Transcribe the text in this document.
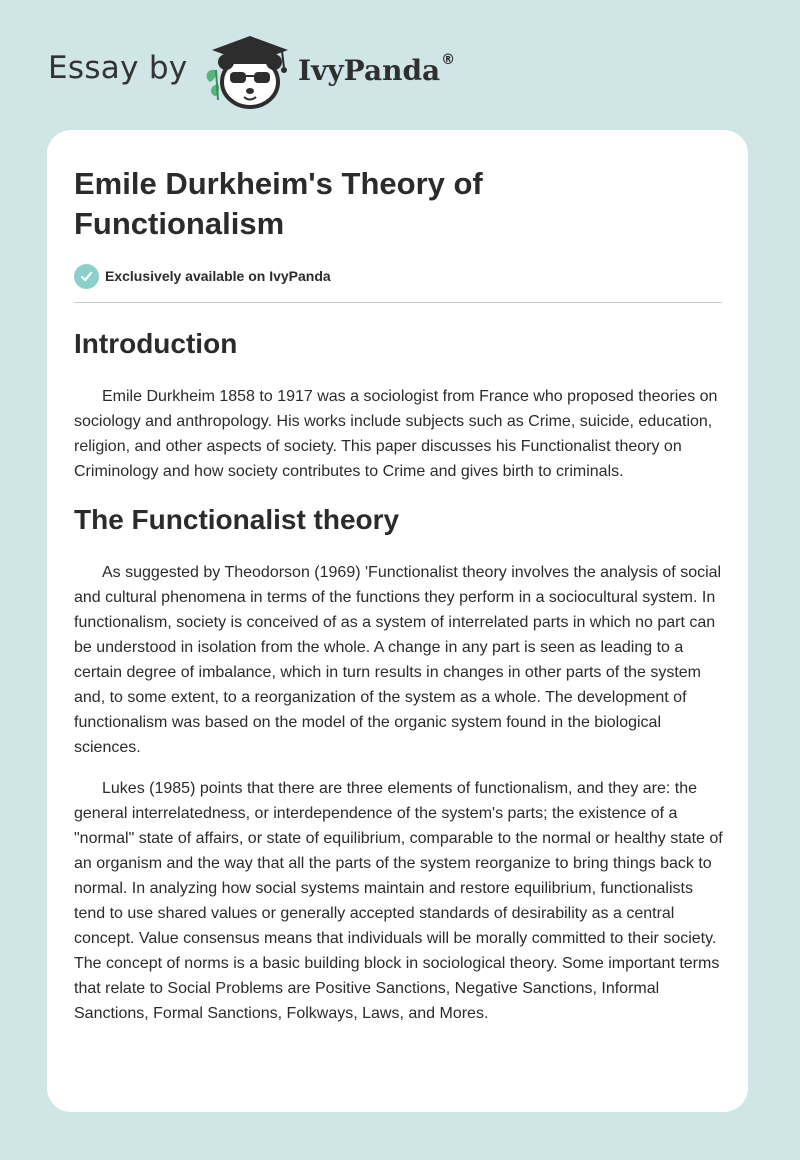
Essay by	IvyPanda®
Emile Durkheim's Theory of Functionalism
Exclusively available on IvyPanda
Introduction

Emile Durkheim 1858 to 1917 was a sociologist from France who proposed theories on sociology and anthropology. His works include subjects such as Crime, suicide, education, religion, and other aspects of society. This paper discusses his Functionalist theory on Criminology and how society contributes to Crime and gives birth to criminals.

The Functionalist theory

As suggested by Theodorson (1969) 'Functionalist theory involves the analysis of social and cultural phenomena in terms of the functions they perform in a sociocultural system. In functionalism, society is conceived of as a system of interrelated parts in which no part can be understood in isolation from the whole. A change in any part is seen as leading to a certain degree of imbalance, which in turn results in changes in other parts of the system and, to some extent, to a reorganization of the system as a whole. The development of functionalism was based on the model of the organic system found in the biological sciences.

Lukes (1985) points that there are three elements of functionalism, and they are: the general interrelatedness, or interdependence of the system's parts; the existence of a "normal" state of affairs, or state of equilibrium, comparable to the normal or healthy state of an organism and the way that all the parts of the system reorganize to bring things back to normal. In analyzing how social systems maintain and restore equilibrium, functionalists tend to use shared values or generally accepted standards of desirability as a central concept. Value consensus means that individuals will be morally committed to their society. The concept of norms is a basic building block in sociological theory. Some important terms that relate to Social Problems are Positive Sanctions, Negative Sanctions, Informal Sanctions, Formal Sanctions, Folkways, Laws, and Mores.
